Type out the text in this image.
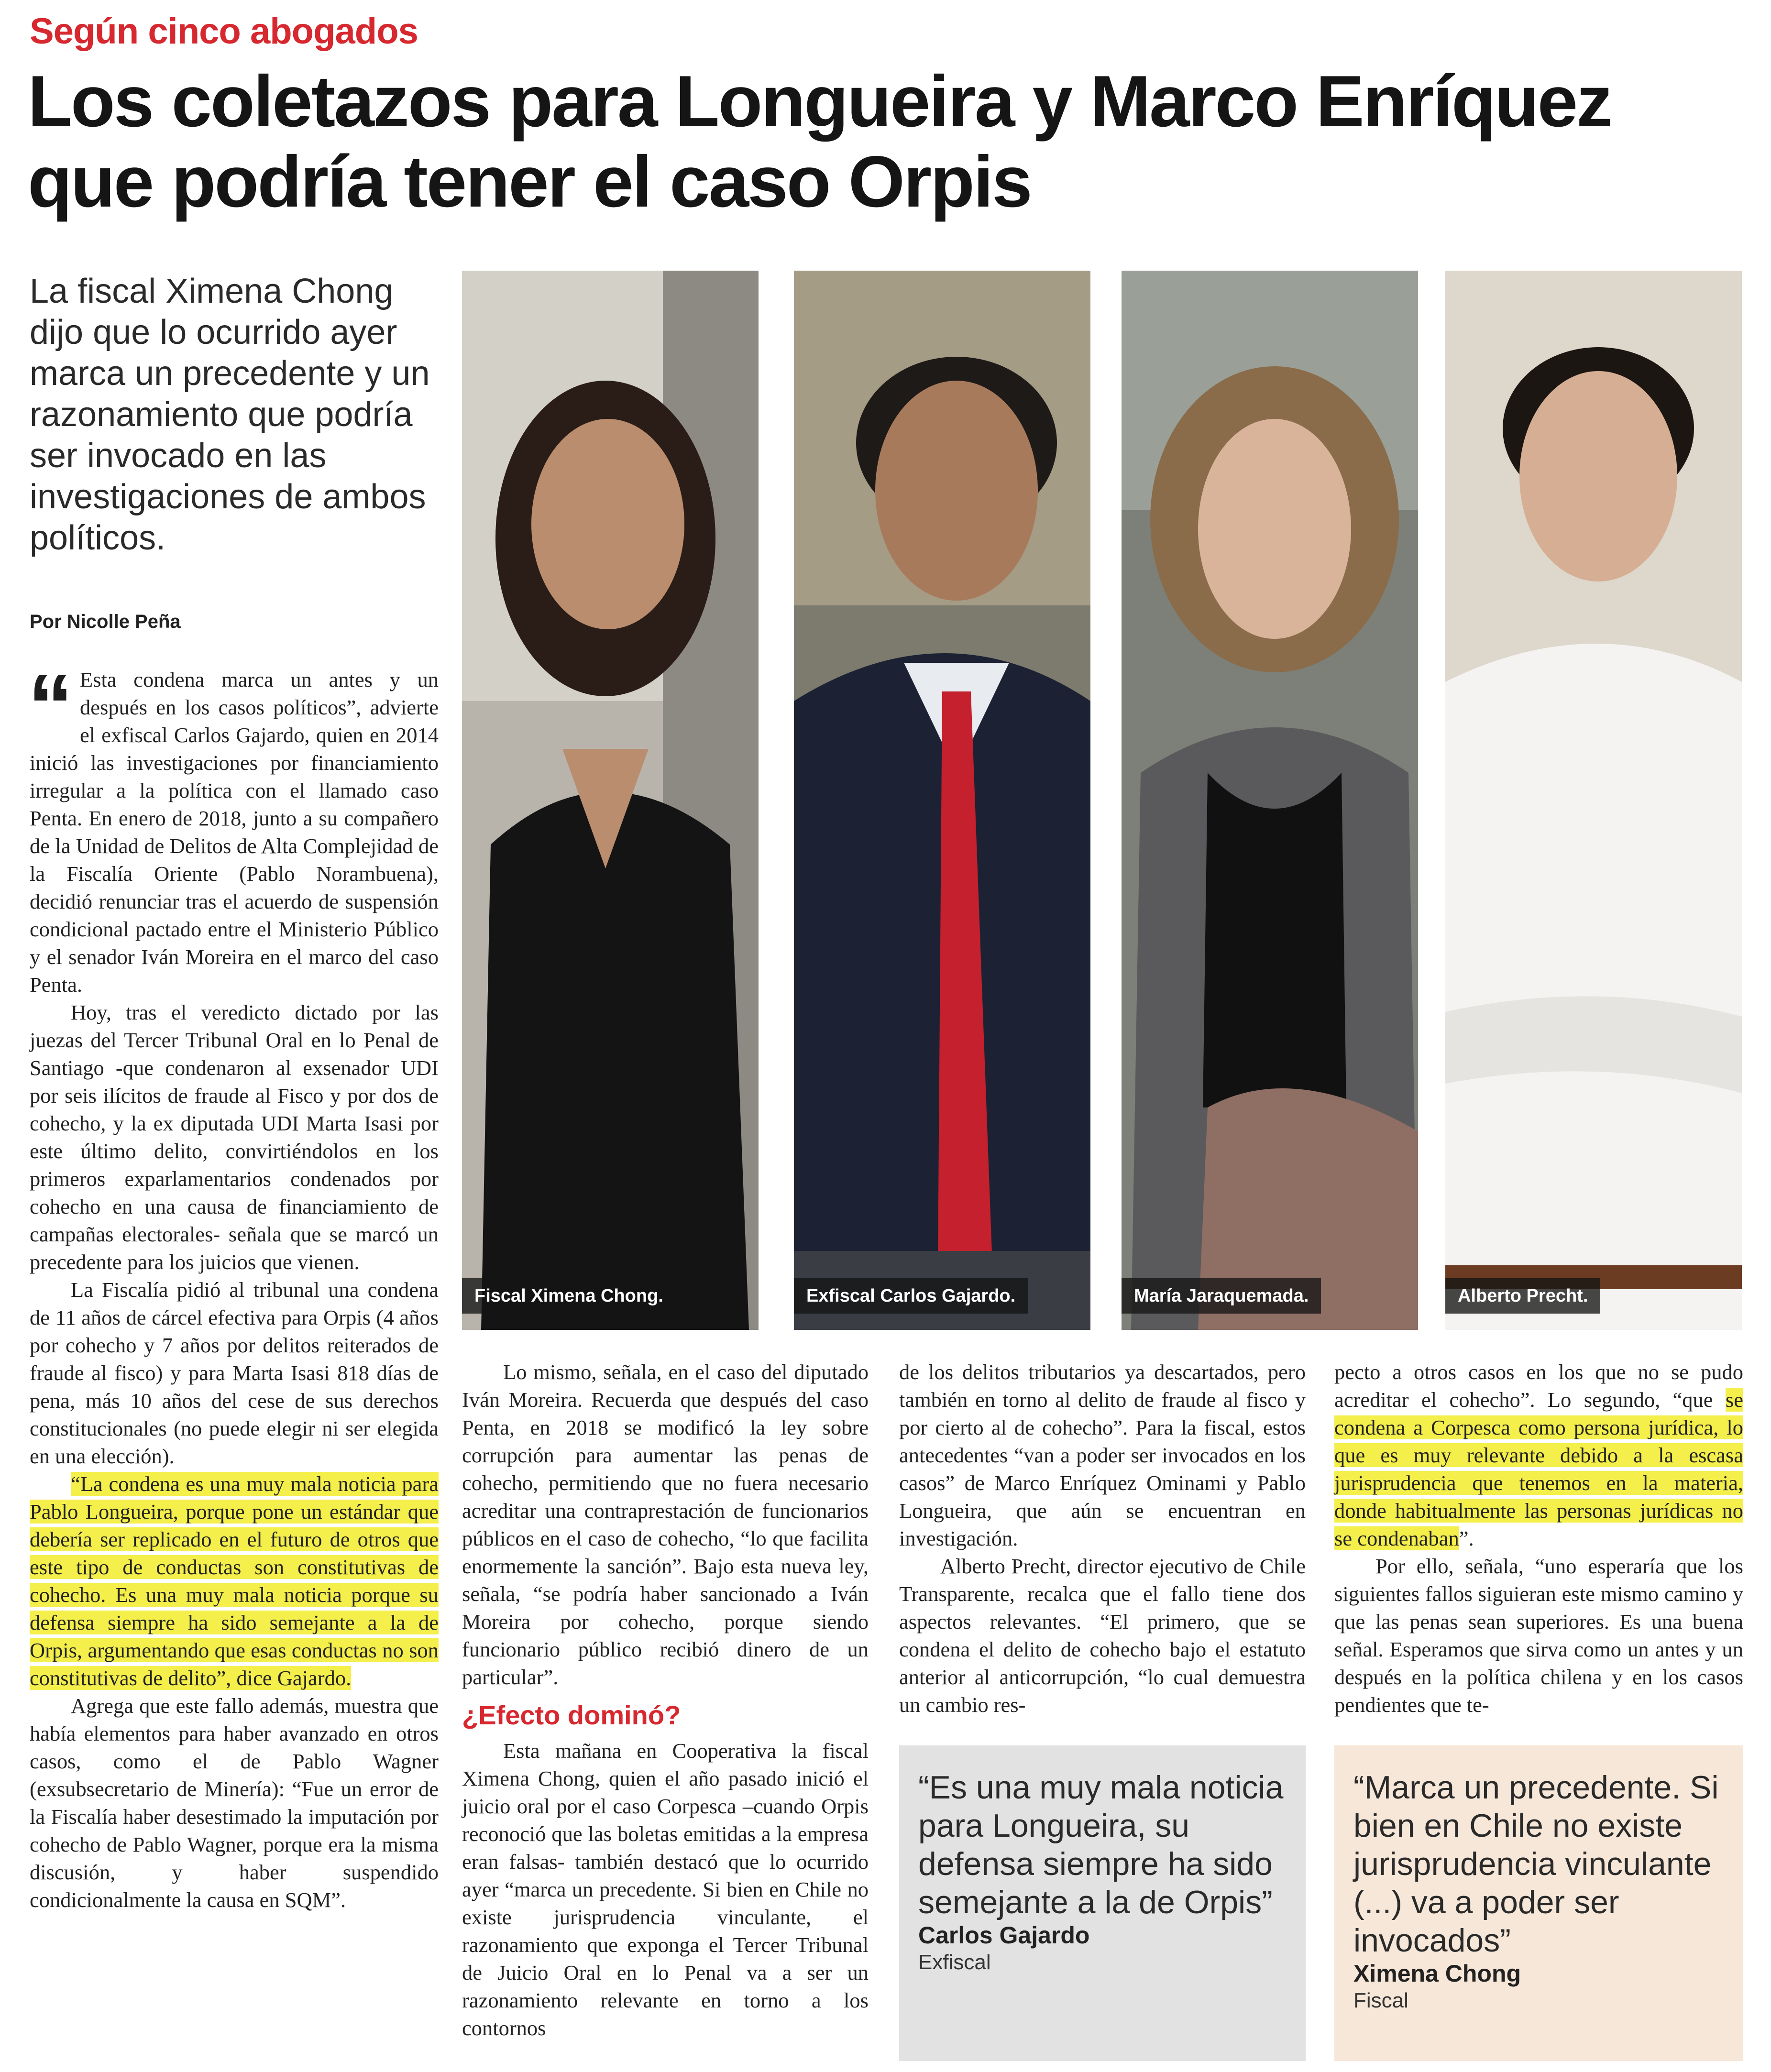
Según cinco abogados
Los coletazos para Longueira y Marco Enríquez que podría tener el caso Orpis
La fiscal Ximena Chong dijo que lo ocurrido ayer marca un precedente y un razonamiento que podría ser invocado en las investigaciones de ambos políticos.
Por Nicolle Peña

“ Esta condena marca un antes y un después en los casos políticos”, advierte el exfiscal Carlos Gajardo, quien en 2014 inició las investigaciones por financiamiento irregular a la política con el llamado caso Penta. En enero de 2018, junto a su compañero de la Unidad de Delitos de Alta Complejidad de la Fiscalía Oriente (Pablo Norambuena), decidió renunciar tras el acuerdo de suspensión condicional pactado entre el Ministerio Público y el senador Iván Moreira en el marco del caso Penta.

Hoy, tras el veredicto dictado por las juezas del Tercer Tribunal Oral en lo Penal de Santiago -que condenaron al exsenador UDI por seis ilícitos de fraude al Fisco y por dos de cohecho, y la ex diputada UDI Marta Isasi por este último delito, convirtiéndolos en los primeros exparlamentarios condenados por cohecho en una causa de financiamiento de campañas electorales- señala que se marcó un precedente para los juicios que vienen.

La Fiscalía pidió al tribunal una condena de 11 años de cárcel efectiva para Orpis (4 años por cohecho y 7 años por delitos reiterados de fraude al fisco) y para Marta Isasi 818 días de pena, más 10 años del cese de sus derechos constitucionales (no puede elegir ni ser elegida en una elección).

“La condena es una muy mala noticia para Pablo Longueira, porque pone un estándar que debería ser replicado en el futuro de otros que este tipo de conductas son constitutivas de cohecho. Es una muy mala noticia porque su defensa siempre ha sido semejante a la de Orpis, argumentando que esas conductas no son constitutivas de delito”, dice Gajardo.

Agrega que este fallo además, muestra que había elementos para haber avanzado en otros casos, como el de Pablo Wagner (exsubsecretario de Minería): “Fue un error de la Fiscalía haber desestimado la imputación por cohecho de Pablo Wagner, porque era la misma discusión, y haber suspendido condicionalmente la causa en SQM”.

Fiscal Ximena Chong.	Exfiscal Carlos Gajardo.	María Jaraquemada.	Alberto Precht.

Lo mismo, señala, en el caso del diputado Iván Moreira. Recuerda que después del caso Penta, en 2018 se modificó la ley sobre corrupción para aumentar las penas de cohecho, permitiendo que no fuera necesario acreditar una contraprestación de funcionarios públicos en el caso de cohecho, “lo que facilita enormemente la sanción”. Bajo esta nueva ley, señala, “se podría haber sancionado a Iván Moreira por cohecho, porque siendo funcionario público recibió dinero de un particular”.

¿Efecto dominó?

Esta mañana en Cooperativa la fiscal Ximena Chong, quien el año pasado inició el juicio oral por el caso Corpesca –cuando Orpis reconoció que las boletas emitidas a la empresa eran falsas- también destacó que lo ocurrido ayer “marca un precedente. Si bien en Chile no existe jurisprudencia vinculante, el razonamiento que exponga el Tercer Tribunal de Juicio Oral en lo Penal va a ser un razonamiento relevante en torno a los contornos

de los delitos tributarios ya descartados, pero también en torno al delito de fraude al fisco y por cierto al de cohecho”. Para la fiscal, estos antecedentes “van a poder ser invocados en los casos” de Marco Enríquez Ominami y Pablo Longueira, que aún se encuentran en investigación.

Alberto Precht, director ejecutivo de Chile Transparente, recalca que el fallo tiene dos aspectos relevantes. “El primero, que se condena el delito de cohecho bajo el estatuto anterior al anticorrupción, “lo cual demuestra un cambio res-

pecto a otros casos en los que no se pudo acreditar el cohecho”. Lo segundo, “que se condena a Corpesca como persona jurídica, lo que es muy relevante debido a la escasa jurisprudencia que tenemos en la materia, donde habitualmente las personas jurídicas no se condenaban”.

Por ello, señala, “uno esperaría que los siguientes fallos siguieran este mismo camino y que las penas sean superiores. Es una buena señal. Esperamos que sirva como un antes y un después en la política chilena y en los casos pendientes que te-

“Es una muy mala noticia para Longueira, su defensa siempre ha sido semejante a la de Orpis”
Carlos Gajardo
Exfiscal
“Marca un precedente. Si bien en Chile no existe jurisprudencia vinculante (...) va a poder ser invocados”
Ximena Chong
Fiscal
